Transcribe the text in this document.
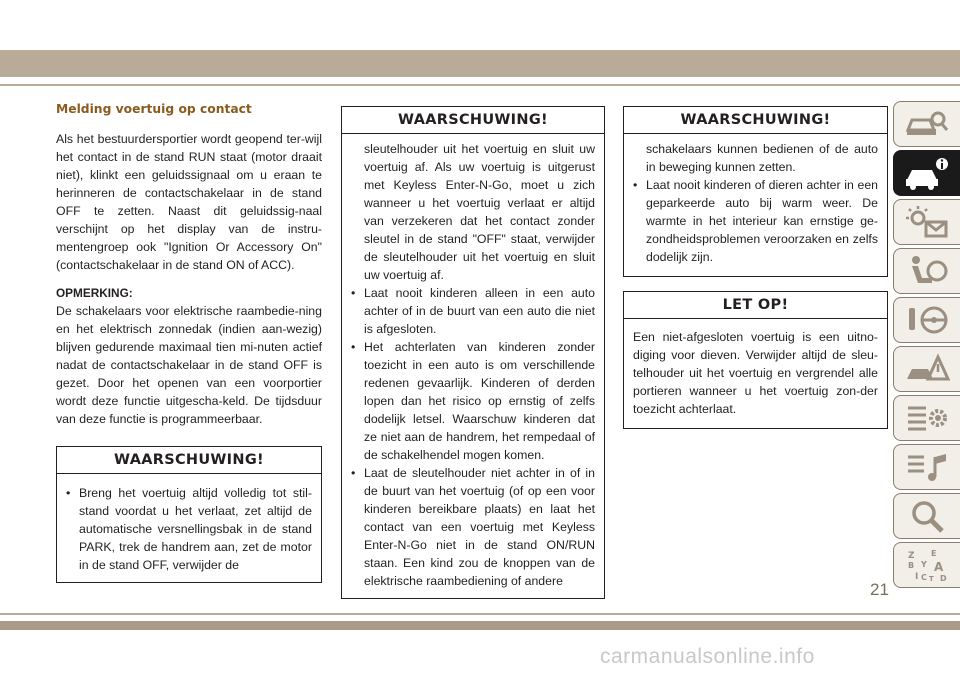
Melding voertuig op contact
Als het bestuurdersportier wordt geopend ter-wijl het contact in de stand RUN staat (motor draait niet), klinkt een geluidssignaal om u eraan te herinneren de contactschakelaar in de stand OFF te zetten. Naast dit geluidssig-naal verschijnt op het display van de instru-mentengroep ook "Ignition Or Accessory On" (contactschakelaar in de stand ON of ACC).
OPMERKING:
De schakelaars voor elektrische raambedie-ning en het elektrisch zonnedak (indien aan-wezig) blijven gedurende maximaal tien mi-nuten actief nadat de contactschakelaar in de stand OFF is gezet. Door het openen van een voorportier wordt deze functie uitgescha-keld. De tijdsduur van deze functie is programmeerbaar.
WAARSCHUWING!
• Breng het voertuig altijd volledig tot stil-stand voordat u het verlaat, zet altijd de automatische versnellingsbak in de stand PARK, trek de handrem aan, zet de motor in de stand OFF, verwijder de
WAARSCHUWING!
sleutelhouder uit het voertuig en sluit uw voertuig af. Als uw voertuig is uitgerust met Keyless Enter-N-Go, moet u zich wanneer u het voertuig verlaat er altijd van verzekeren dat het contact zonder sleutel in de stand "OFF" staat, verwijder de sleutelhouder uit het voertuig en sluit uw voertuig af.
• Laat nooit kinderen alleen in een auto achter of in de buurt van een auto die niet is afgesloten.
• Het achterlaten van kinderen zonder toezicht in een auto is om verschillende redenen gevaarlijk. Kinderen of derden lopen dan het risico op ernstig of zelfs dodelijk letsel. Waarschuw kinderen dat ze niet aan de handrem, het rempedaal of de schakelhendel mogen komen.
• Laat de sleutelhouder niet achter in of in de buurt van het voertuig (of op een voor kinderen bereikbare plaats) en laat het contact van een voertuig met Keyless Enter-N-Go niet in de stand ON/RUN staan. Een kind zou de knoppen van de elektrische raambediening of andere
WAARSCHUWING!
schakelaars kunnen bedienen of de auto in beweging kunnen zetten.
• Laat nooit kinderen of dieren achter in een geparkeerde auto bij warm weer. De warmte in het interieur kan ernstige ge-zondheidsproblemen veroorzaken en zelfs dodelijk zijn.
LET OP!
Een niet-afgesloten voertuig is een uitno-diging voor dieven. Verwijder altijd de sleu-telhouder uit het voertuig en vergrendel alle portieren wanneer u het voertuig zon-der toezicht achterlaat.
Z E
B Y A
I C T D
21
carmanualsonline.info
